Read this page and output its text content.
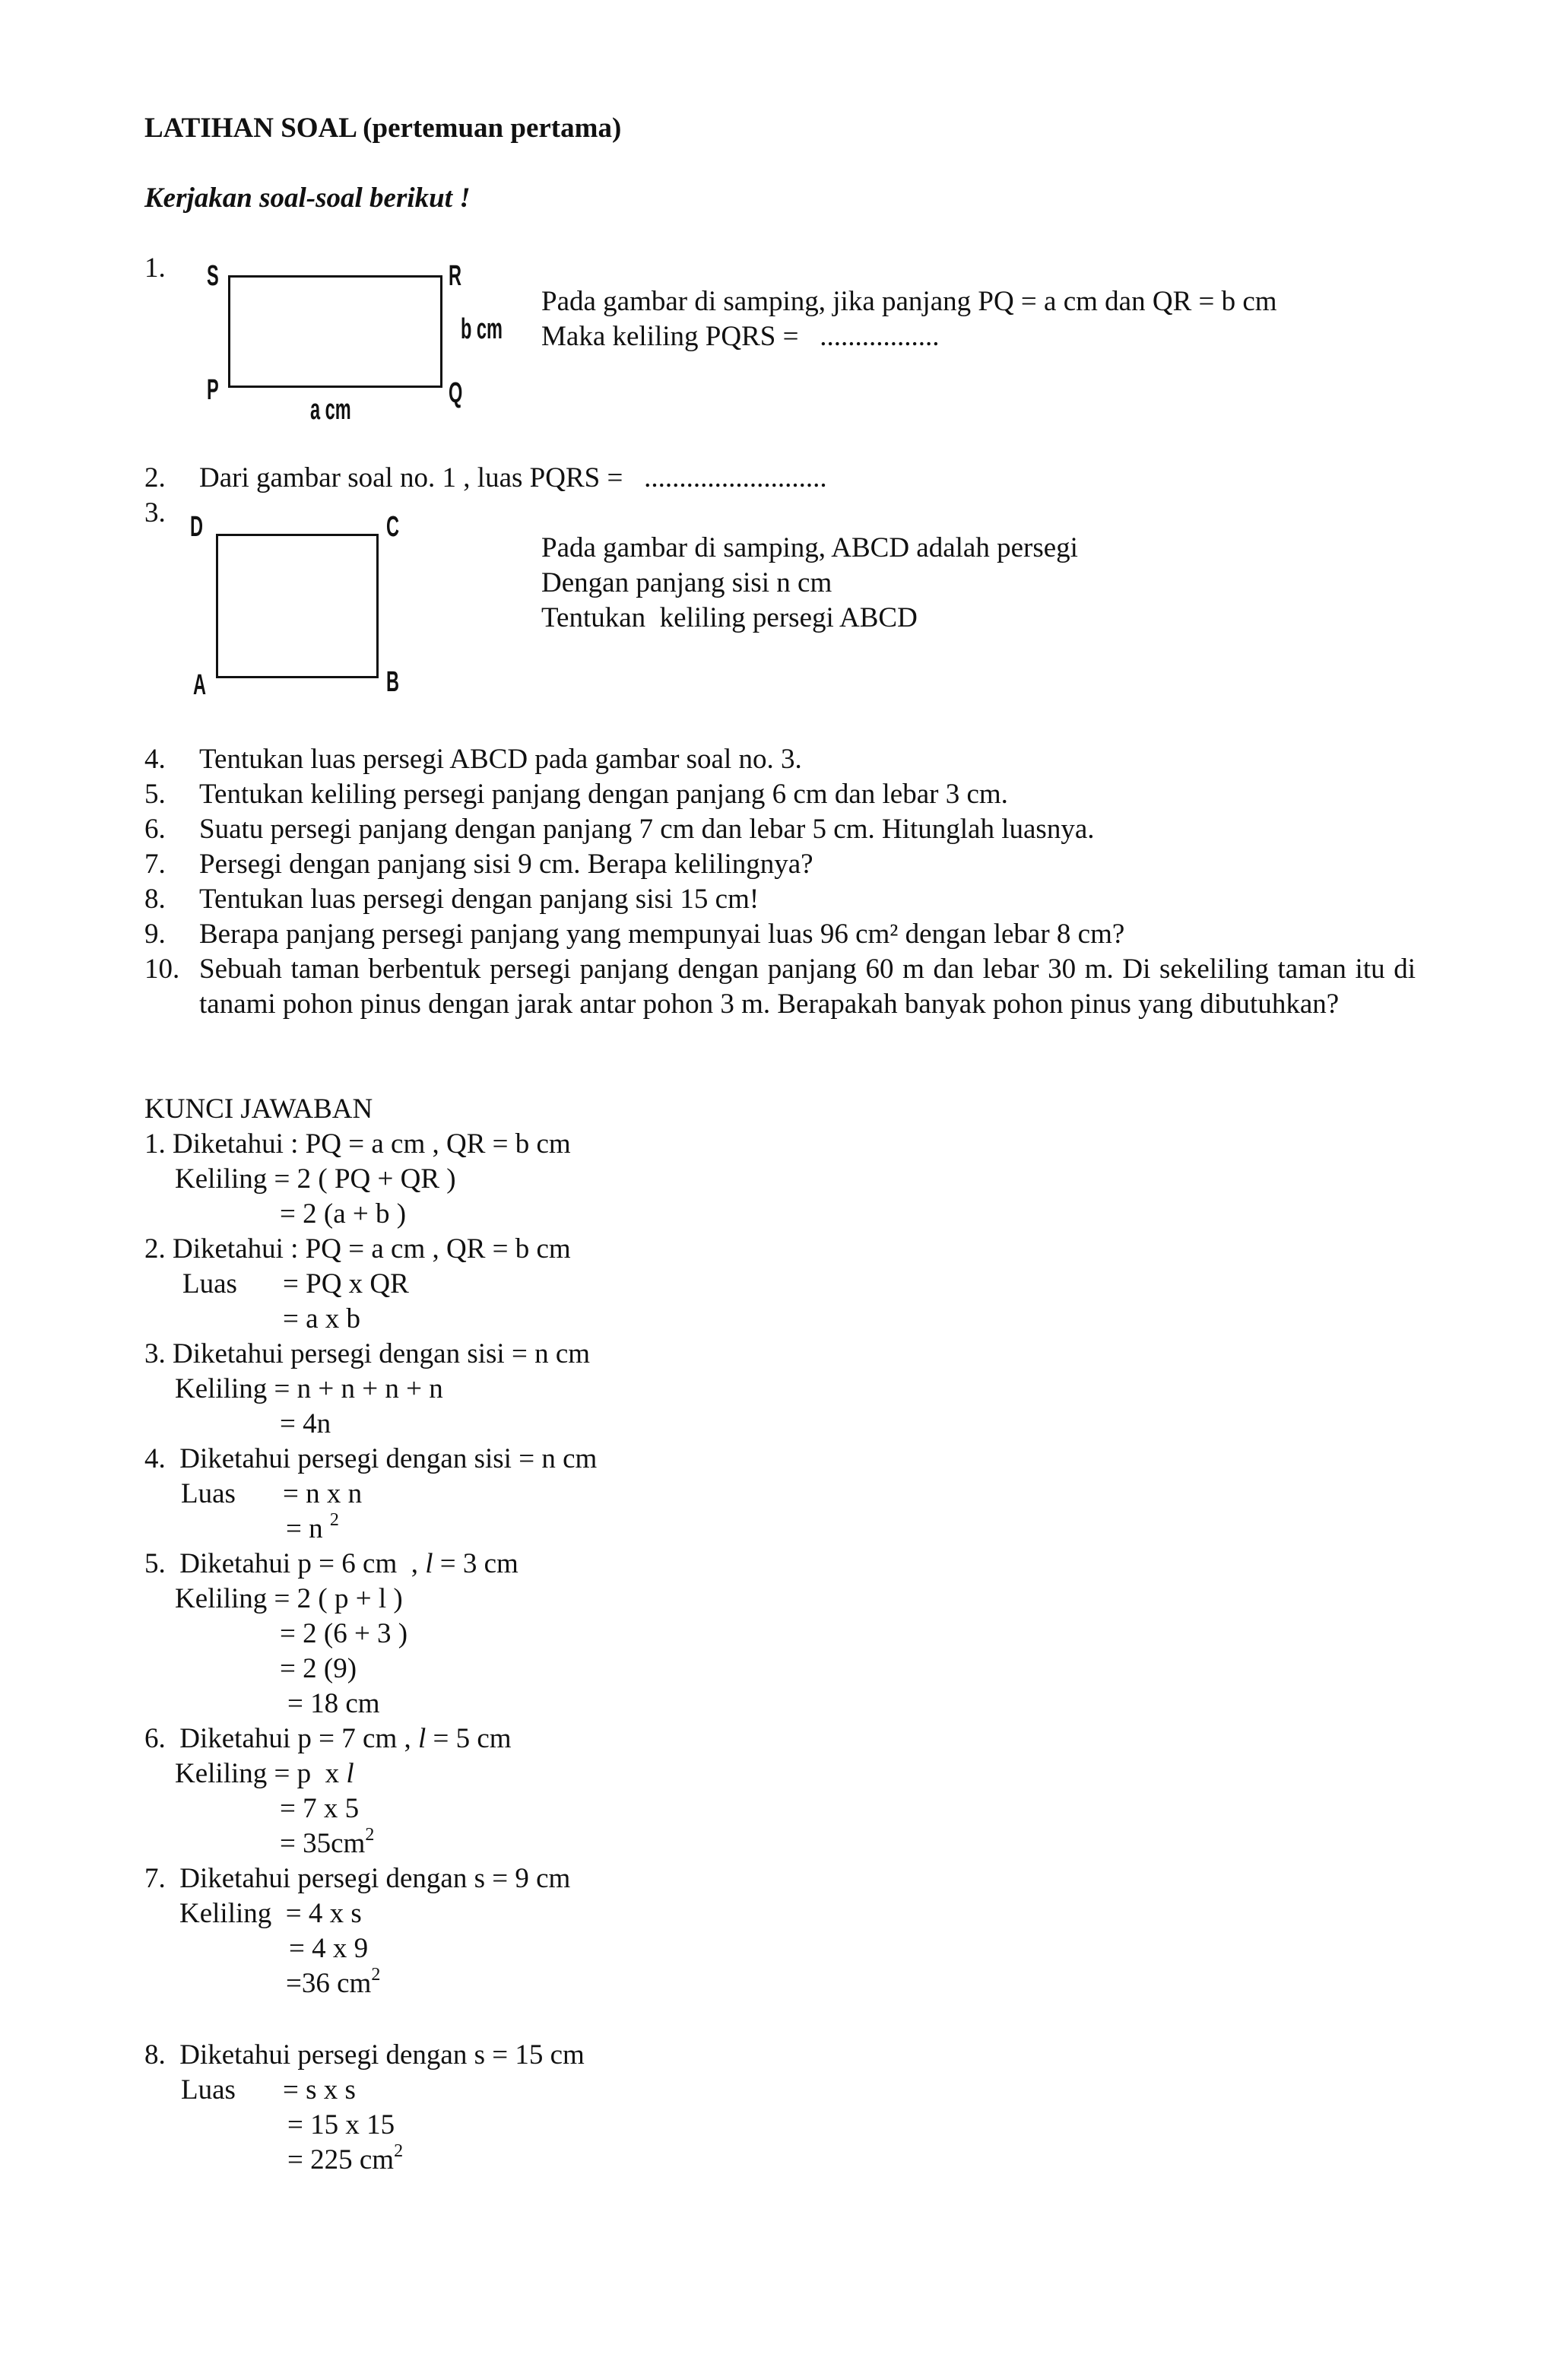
LATIHAN SOAL (pertemuan pertama)
Kerjakan soal-soal berikut !
1. S	R
P	Q
b cm
a cm
Pada gambar di samping, jika panjang PQ = a cm dan QR = b cm
Maka keliling PQRS =   .................
2. Dari gambar soal no. 1 , luas PQRS =   ..........................
3. D	C
A	B
Pada gambar di samping, ABCD adalah persegi
Dengan panjang sisi n cm
Tentukan  keliling persegi ABCD
4. Tentukan luas persegi ABCD pada gambar soal no. 3.
5. Tentukan keliling persegi panjang dengan panjang 6 cm dan lebar 3 cm.
6. Suatu persegi panjang dengan panjang 7 cm dan lebar 5 cm. Hitunglah luasnya.
7. Persegi dengan panjang sisi 9 cm. Berapa kelilingnya?
8. Tentukan luas persegi dengan panjang sisi 15 cm!
9. Berapa panjang persegi panjang yang mempunyai luas 96 cm² dengan lebar 8 cm?
10. Sebuah taman berbentuk persegi panjang dengan panjang 60 m dan lebar 30 m. Di sekeliling taman itu di tanami pohon pinus dengan jarak antar pohon 3 m. Berapakah banyak pohon pinus yang dibutuhkan?
KUNCI JAWABAN
1. Diketahui : PQ = a cm , QR = b cm
Keliling = 2 ( PQ + QR )
= 2 (a + b )
2. Diketahui : PQ = a cm , QR = b cm
Luas = PQ x QR
= a x b
3. Diketahui persegi dengan sisi = n cm
Keliling = n + n + n + n
= 4n
4.  Diketahui persegi dengan sisi = n cm
Luas = n x n
= n $^2$
5.  Diketahui p = 6 cm  , l = 3 cm
Keliling = 2 ( p + l )
= 2 (6 + 3 )
= 2 (9)
= 18 cm
6.  Diketahui p = 7 cm , l = 5 cm
Keliling = p  x l
= 7 x 5
= $35cm^2$
7.  Diketahui persegi dengan s = 9 cm
Keliling  = 4 x s
= 4 x 9
=36 $cm^2$
8.  Diketahui persegi dengan s = 15 cm
Luas = s x s
= 15 x 15
= 225 $cm^2$
